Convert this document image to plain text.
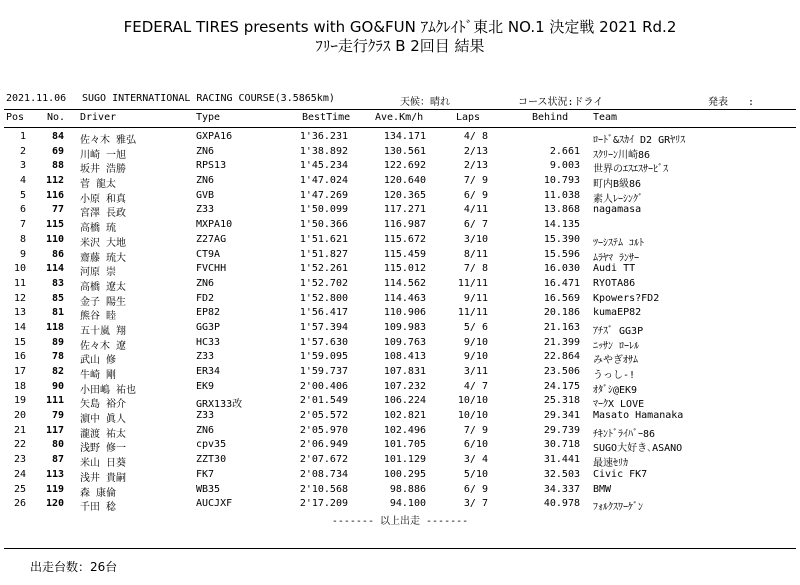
FEDERAL TIRES presents with GO&FUN ｱﾑｸﾚｲﾄﾞ東北 NO.1 決定戦 2021 Rd.2
ﾌﾘｰ走行ｸﾗｽ B 2回目 結果
2021.11.06 SUGO INTERNATIONAL RACING COURSE(3.5865km)	天候：晴れ	コース状況:ドライ	発表　　:
Pos No. Driver	Type	BestTime Ave.Km/h	Laps	Behind Team
1	84 佐々木 雅弘	GXPA16	1'36.231	134.171	4/ 8	ﾛｰﾄﾞ&ｽｶｲ D2 GRﾔﾘｽ
2	69 川崎 一旭	ZN6	1'38.892	130.561	2/13	2.661 ｽｸﾘｰﾝ川崎86
3	88 坂井 浩勝	RPS13	1'45.234	122.692	2/13	9.003 世界のｴｽｴｽｻｰﾋﾞｽ
4 112 菅 龍太	ZN6	1'47.024	120.640	7/ 9	10.793 町内B級86
5 116 小原 和真	GVB	1'47.269	120.365	6/ 9	11.038 素人ﾚｰｼﾝｸﾞ
6	77 宮澤 長政	Z33	1'50.099	117.271	4/11	13.868 nagamasa
7 115 高橋 琉	MXPA10	1'50.366	116.987	6/ 7	14.135
8 110 米沢 大地	Z27AG	1'51.621	115.672	3/10	15.390 ﾂｰｼｽﾃﾑ ｺﾙﾄ
9	86 齋藤 琉大	CT9A	1'51.827	115.459	8/11	15.596 ﾑﾗﾔﾏ ﾗﾝｻｰ
10 114 河原 崇	FVCHH	1'52.261	115.012	7/ 8	16.030 Audi TT
11	83 高橋 遼太	ZN6	1'52.702	114.562	11/11	16.471 RYOTA86
12	85 金子 陽生	FD2	1'52.800	114.463	9/11	16.569 Kpowers?FD2
13	81 熊谷 睦	EP82	1'56.417	110.906	11/11	20.186 kumaEP82
14 118 五十嵐 翔	GG3P	1'57.394	109.983	5/ 6	21.163 ｱﾁｽﾞ GG3P
15	89 佐々木 遼	HC33	1'57.630	109.763	9/10	21.399 ﾆｯｻﾝ ﾛｰﾚﾙ
16	78 武山 修	Z33	1'59.095	108.413	9/10	22.864 みやぎｵｻﾑ
17	82 牛崎 剛	ER34	1'59.737	107.831	3/11	23.506 うっし-!
18	90 小田嶋 祐也	EK9	2'00.406	107.232	4/ 7	24.175 ｵﾀﾞｼ@EK9
19 111 矢島 裕介	GRX133改	2'01.549	106.224	10/10	25.318 ﾏｰｸX LOVE
20	79 濵中 眞人	Z33	2'05.572	102.821	10/10	29.341 Masato Hamanaka
21 117 瀧渡 祐太	ZN6	2'05.970	102.496	7/ 9	29.739 ﾁｷﾝﾄﾞﾗｲﾊﾞｰ86
22	80 浅野 修一	cpv35	2'06.949	101.705	6/10	30.718 SUGO大好き､ASANO
23	87 米山 日葵	ZZT30	2'07.672	101.129	3/ 4	31.441 最速ｾﾘｶ
24 113 浅井 貴嗣	FK7	2'08.734	100.295	5/10	32.503 Civic FK7
25 119 森 康倫	WB35	2'10.568	98.886	6/ 9	34.337 BMW
26 120 千田 稔	AUCJXF	2'17.209	94.100	3/ 7	40.978 ﾌｫﾙｸｽﾜｰｹﾞﾝ
------- 以上出走 -------
出走台数：26台
